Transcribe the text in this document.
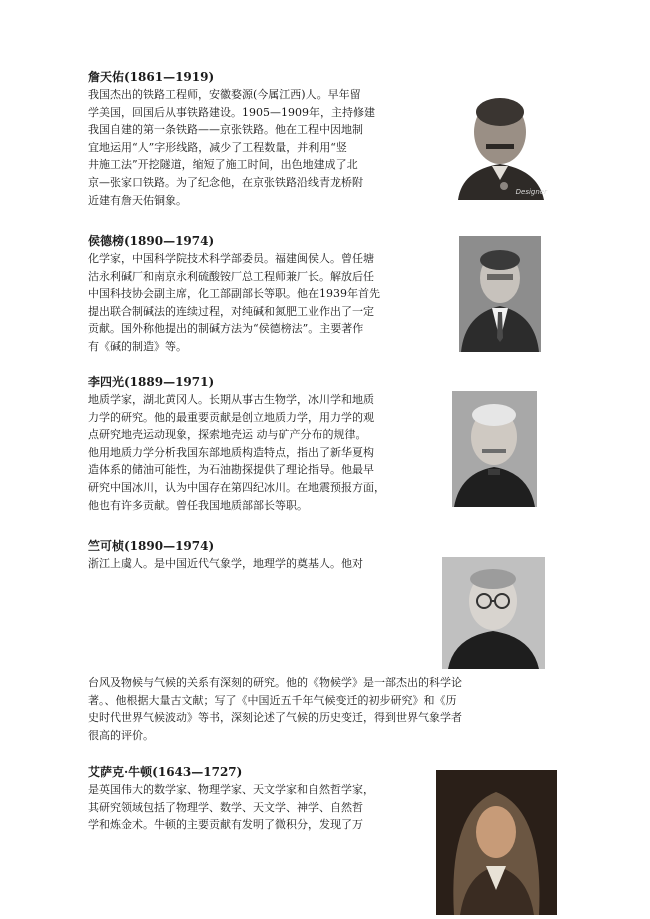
詹天佑(1861—1919)
我国杰出的铁路工程师，安徽婺源(今属江西)人。早年留
学美国，回国后从事铁路建设。1905—1909年，主持修建
我国自建的第一条铁路——京张铁路。他在工程中因地制
宜地运用“人”字形线路，减少了工程数量，并利用“竖
井施工法”开挖隧道，缩短了施工时间，出色地建成了北
京—张家口铁路。为了纪念他，在京张铁路沿线青龙桥附
近建有詹天佑铜象。
Designer
侯德榜(1890—1974)
化学家，中国科学院技术科学部委员。福建闽侯人。曾任塘
沽永利碱厂和南京永利硫酸铵厂总工程师兼厂长。解放后任
中国科技协会副主席，化工部副部长等职。他在1939年首先
提出联合制碱法的连续过程，对纯碱和氮肥工业作出了一定
贡献。国外称他提出的制碱方法为“侯德榜法”。主要著作
有《碱的制造》等。
李四光(1889—1971)
地质学家，湖北黄冈人。长期从事古生物学，冰川学和地质
力学的研究。他的最重要贡献是创立地质力学，用力学的观
点研究地壳运动现象，探索地壳运 动与矿产分布的规律。
他用地质力学分析我国东部地质构造特点，指出了新华夏构
造体系的储油可能性，为石油勘探提供了理论指导。他最早
研究中国冰川，认为中国存在第四纪冰川。在地震预报方面，
他也有许多贡献。曾任我国地质部部长等职。
竺可桢(1890—1974)
浙江上虞人。是中国近代气象学，地理学的奠基人。他对
台风及物候与气候的关系有深刻的研究。他的《物候学》是一部杰出的科学论
著。、他根据大量古文献；写了《中国近五千年气候变迁的初步研究》和《历
史时代世界气候波动》等书，深刻论述了气候的历史变迁，得到世界气象学者
很高的评价。
艾萨克·牛顿(1643—1727)
是英国伟大的数学家、物理学家、天文学家和自然哲学家，
其研究领域包括了物理学、数学、天文学、神学、自然哲
学和炼金术。牛顿的主要贡献有发明了微积分，发现了万
